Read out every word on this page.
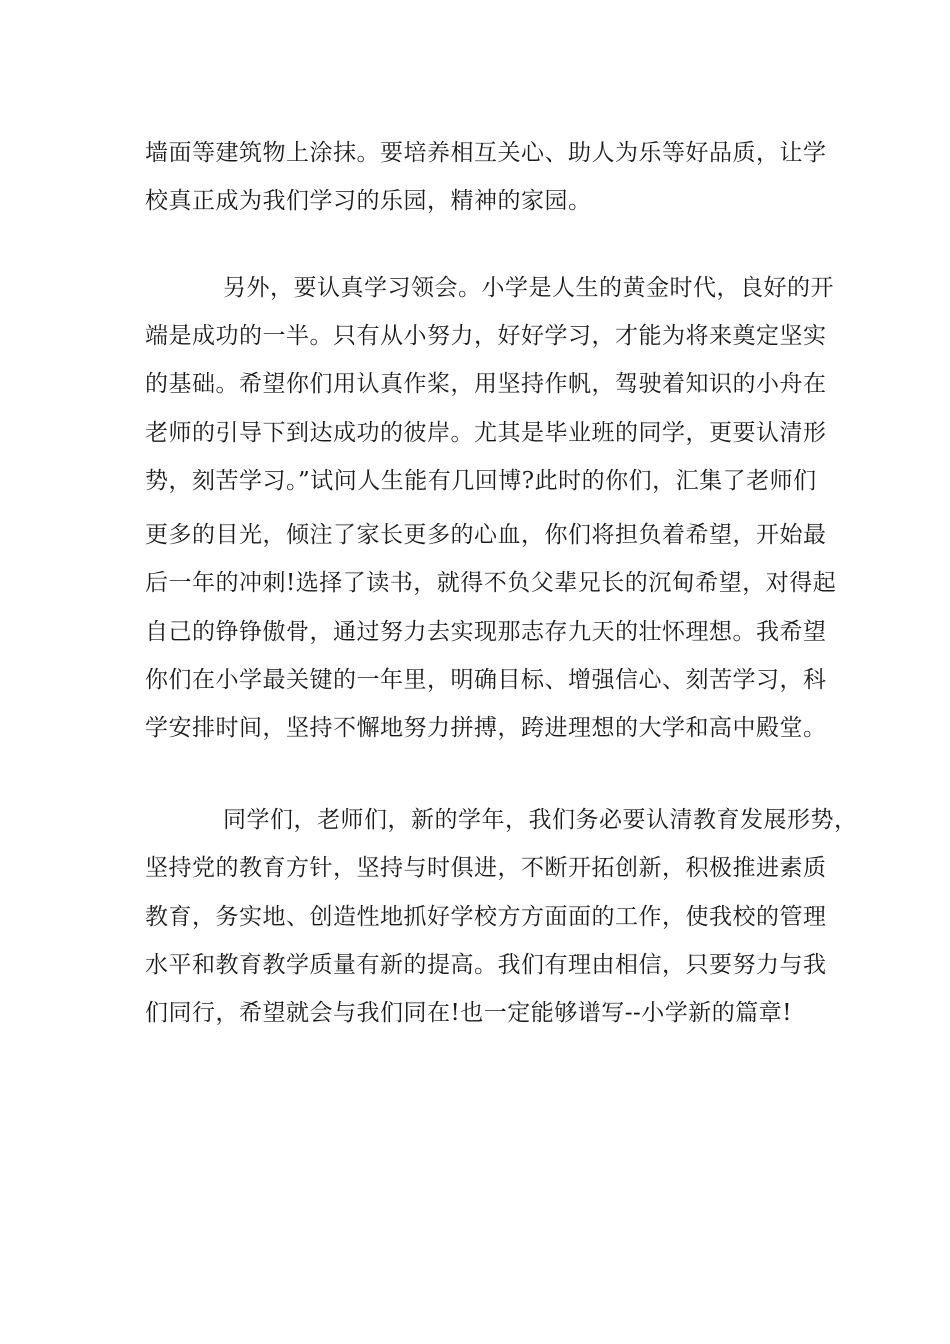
墙面等建筑物上涂抹。要培养相互关心、助人为乐等好品质，让学
校真正成为我们学习的乐园，精神的家园。
另外，要认真学习领会。小学是人生的黄金时代，良好的开
端是成功的一半。只有从小努力，好好学习，才能为将来奠定坚实
的基础。希望你们用认真作桨，用坚持作帆，驾驶着知识的小舟在
老师的引导下到达成功的彼岸。尤其是毕业班的同学，更要认清形
势，刻苦学习。”试问人生能有几回博?此时的你们，汇集了老师们
更多的目光，倾注了家长更多的心血，你们将担负着希望，开始最
后一年的冲刺!选择了读书，就得不负父辈兄长的沉甸希望，对得起
自己的铮铮傲骨，通过努力去实现那志存九天的壮怀理想。我希望
你们在小学最关键的一年里，明确目标、增强信心、刻苦学习，科
学安排时间，坚持不懈地努力拼搏，跨进理想的大学和高中殿堂。
同学们，老师们，新的学年，我们务必要认清教育发展形势，
坚持党的教育方针，坚持与时俱进，不断开拓创新，积极推进素质
教育，务实地、创造性地抓好学校方方面面的工作，使我校的管理
水平和教育教学质量有新的提高。我们有理由相信，只要努力与我
们同行，希望就会与我们同在!也一定能够谱写--小学新的篇章!
